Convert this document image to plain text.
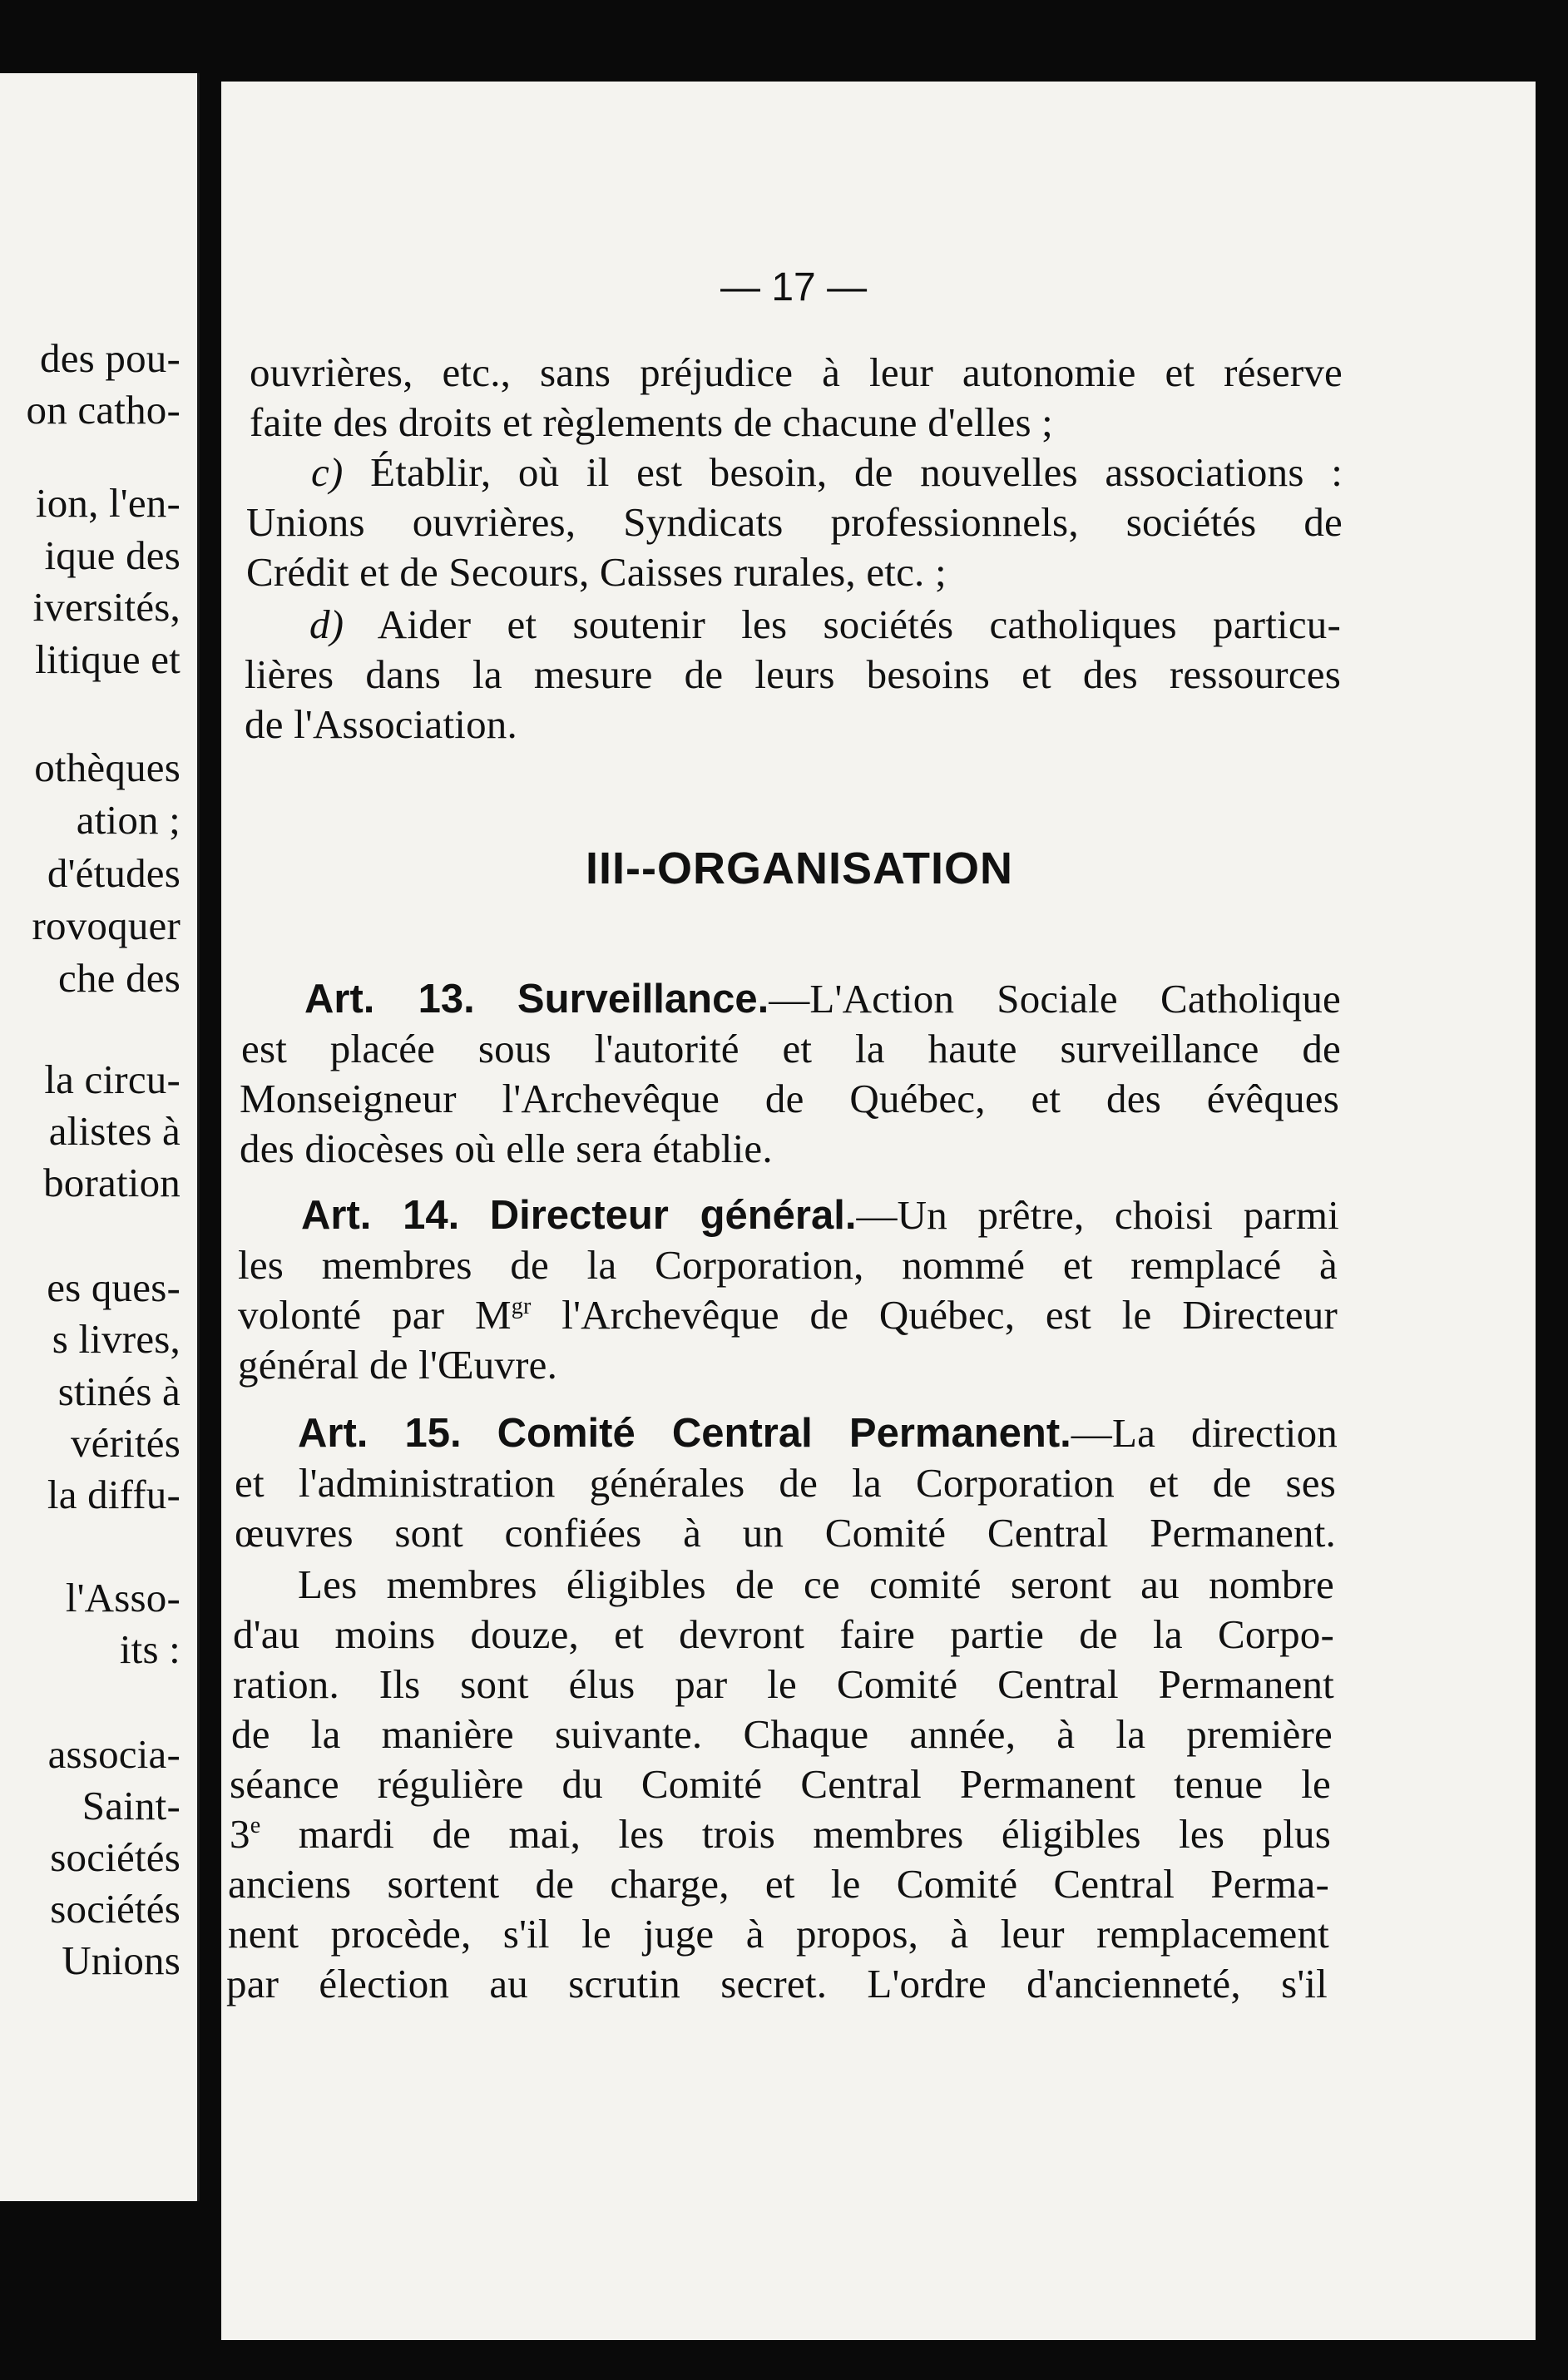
des pou-
on catho-
ion, l'en-
ique des
iversités,
litique et
othèques
ation ;
d'études
rovoquer
che des
la circu-
alistes à
boration
es ques-
s livres,
stinés à
vérités
la diffu-
l'Asso-
its :
associa-
Saint-
sociétés
sociétés
Unions
— 17 —
ouvrières, etc., sans préjudice à leur autonomie et réserve
faite des droits et règlements de chacune d'elles ;
c) Établir, où il est besoin, de nouvelles associations :
Unions ouvrières, Syndicats professionnels, sociétés de
Crédit et de Secours, Caisses rurales, etc. ;
d) Aider et soutenir les sociétés catholiques particu-
lières dans la mesure de leurs besoins et des ressources
de l'Association.
III--ORGANISATION
Art. 13. Surveillance.—L'Action Sociale Catholique
est placée sous l'autorité et la haute surveillance de
Monseigneur l'Archevêque de Québec, et des évêques
des diocèses où elle sera établie.
Art. 14. Directeur général.—Un prêtre, choisi parmi
les membres de la Corporation, nommé et remplacé à
volonté par $M^{gr}$ l'Archevêque de Québec, est le Directeur
général de l'Œuvre.
Art. 15. Comité Central Permanent.—La direction
et l'administration générales de la Corporation et de ses
œuvres sont confiées à un Comité Central Permanent.
Les membres éligibles de ce comité seront au nombre
d'au moins douze, et devront faire partie de la Corpo-
ration. Ils sont élus par le Comité Central Permanent
de la manière suivante. Chaque année, à la première
séance régulière du Comité Central Permanent tenue le
3e mardi de mai, les trois membres éligibles les plus
anciens sortent de charge, et le Comité Central Perma-
nent procède, s'il le juge à propos, à leur remplacement
par élection au scrutin secret. L'ordre d'ancienneté, s'il
